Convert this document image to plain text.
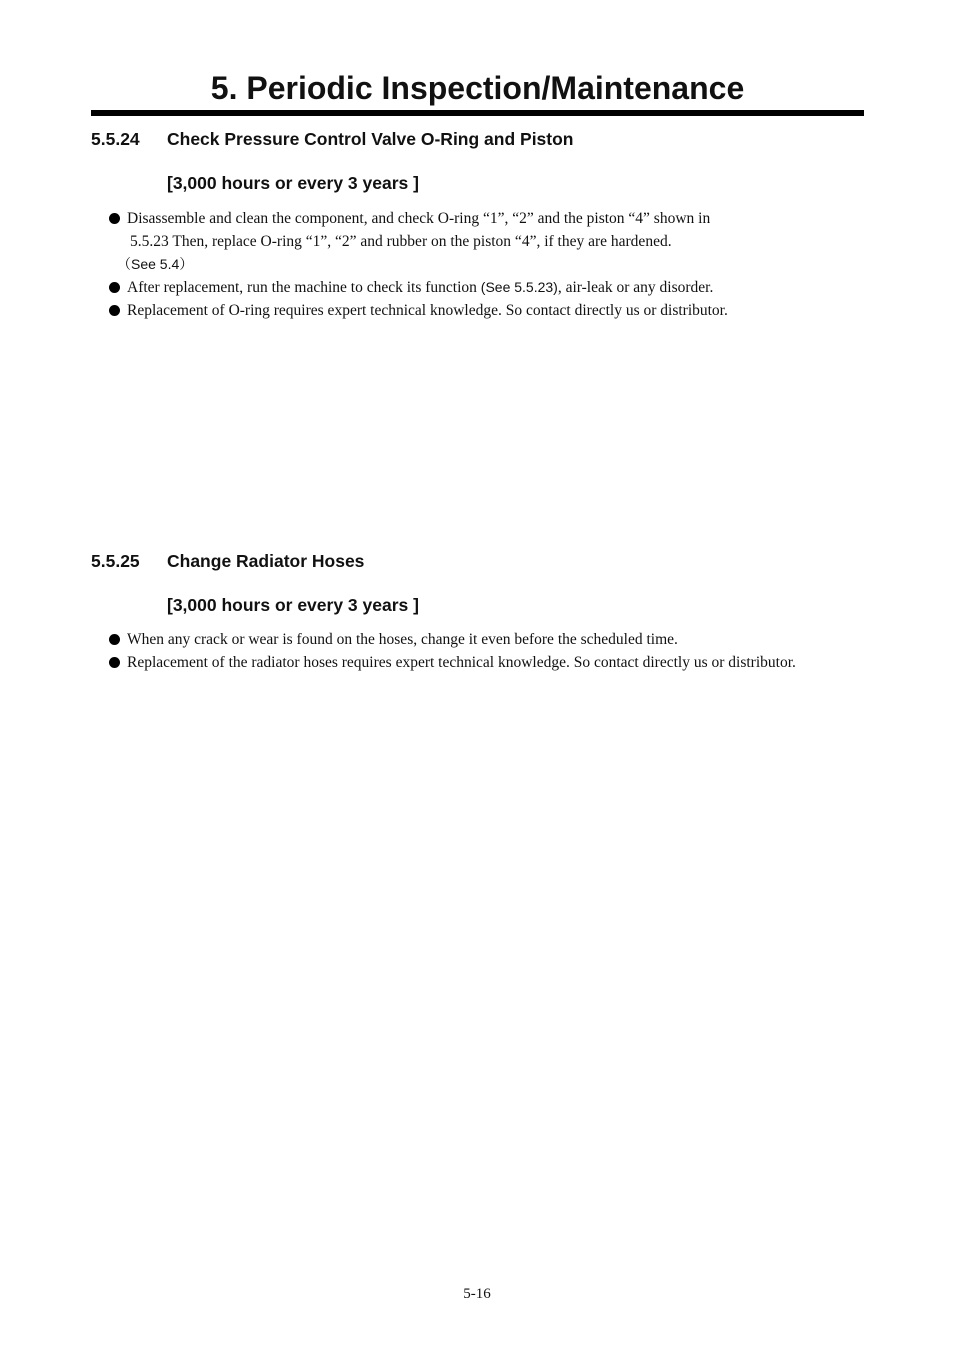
5. Periodic Inspection/Maintenance
5.5.24 Check Pressure Control Valve O-Ring and Piston
[3,000 hours or every 3 years ]
Disassemble and clean the component, and check O-ring “1”, “2” and the piston “4” shown in
5.5.23 Then, replace O-ring “1”, “2” and rubber on the piston “4”, if they are hardened.
（See 5.4）
After replacement, run the machine to check its function (See 5.5.23), air-leak or any disorder.
Replacement of O-ring requires expert technical knowledge. So contact directly us or distributor.
5.5.25 Change Radiator Hoses
[3,000 hours or every 3 years ]
When any crack or wear is found on the hoses, change it even before the scheduled time.
Replacement of the radiator hoses requires expert technical knowledge. So contact directly us or distributor.
5-16
